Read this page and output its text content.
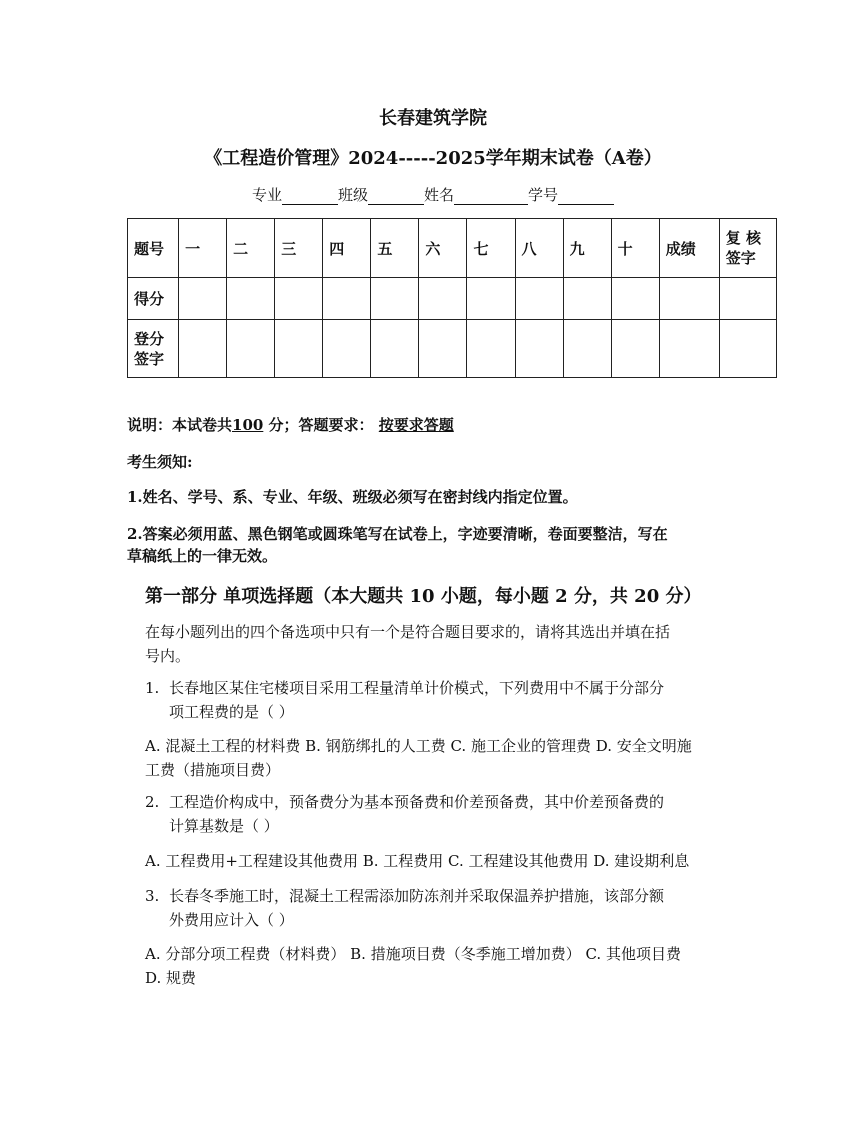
长春建筑学院
《工程造价管理》2024-----2025学年期末试卷（A卷）
专业	班级	姓名	学号
题号	一	二	三	四	五	六	七	八	九	十	成绩	复 核
签字

得分												

登分
签字												

说明：本试卷共100 分；答题要求： 按要求答题
考生须知:
1.姓名、学号、系、专业、年级、班级必须写在密封线内指定位置。
2.答案必须用蓝、黑色钢笔或圆珠笔写在试卷上，字迹要清晰，卷面要整洁，写在
草稿纸上的一律无效。
第一部分 单项选择题（本大题共 10 小题，每小题 2 分，共 20 分）
在每小题列出的四个备选项中只有一个是符合题目要求的，请将其选出并填在括
号内。
1. 长春地区某住宅楼项目采用工程量清单计价模式，下列费用中不属于分部分
项工程费的是（ ）
A. 混凝土工程的材料费 B. 钢筋绑扎的人工费 C. 施工企业的管理费 D. 安全文明施
工费（措施项目费）
2. 工程造价构成中，预备费分为基本预备费和价差预备费，其中价差预备费的
计算基数是（ ）
A. 工程费用+工程建设其他费用 B. 工程费用 C. 工程建设其他费用 D. 建设期利息
3. 长春冬季施工时，混凝土工程需添加防冻剂并采取保温养护措施，该部分额
外费用应计入（ ）
A. 分部分项工程费（材料费） B. 措施项目费（冬季施工增加费） C. 其他项目费
D. 规费
